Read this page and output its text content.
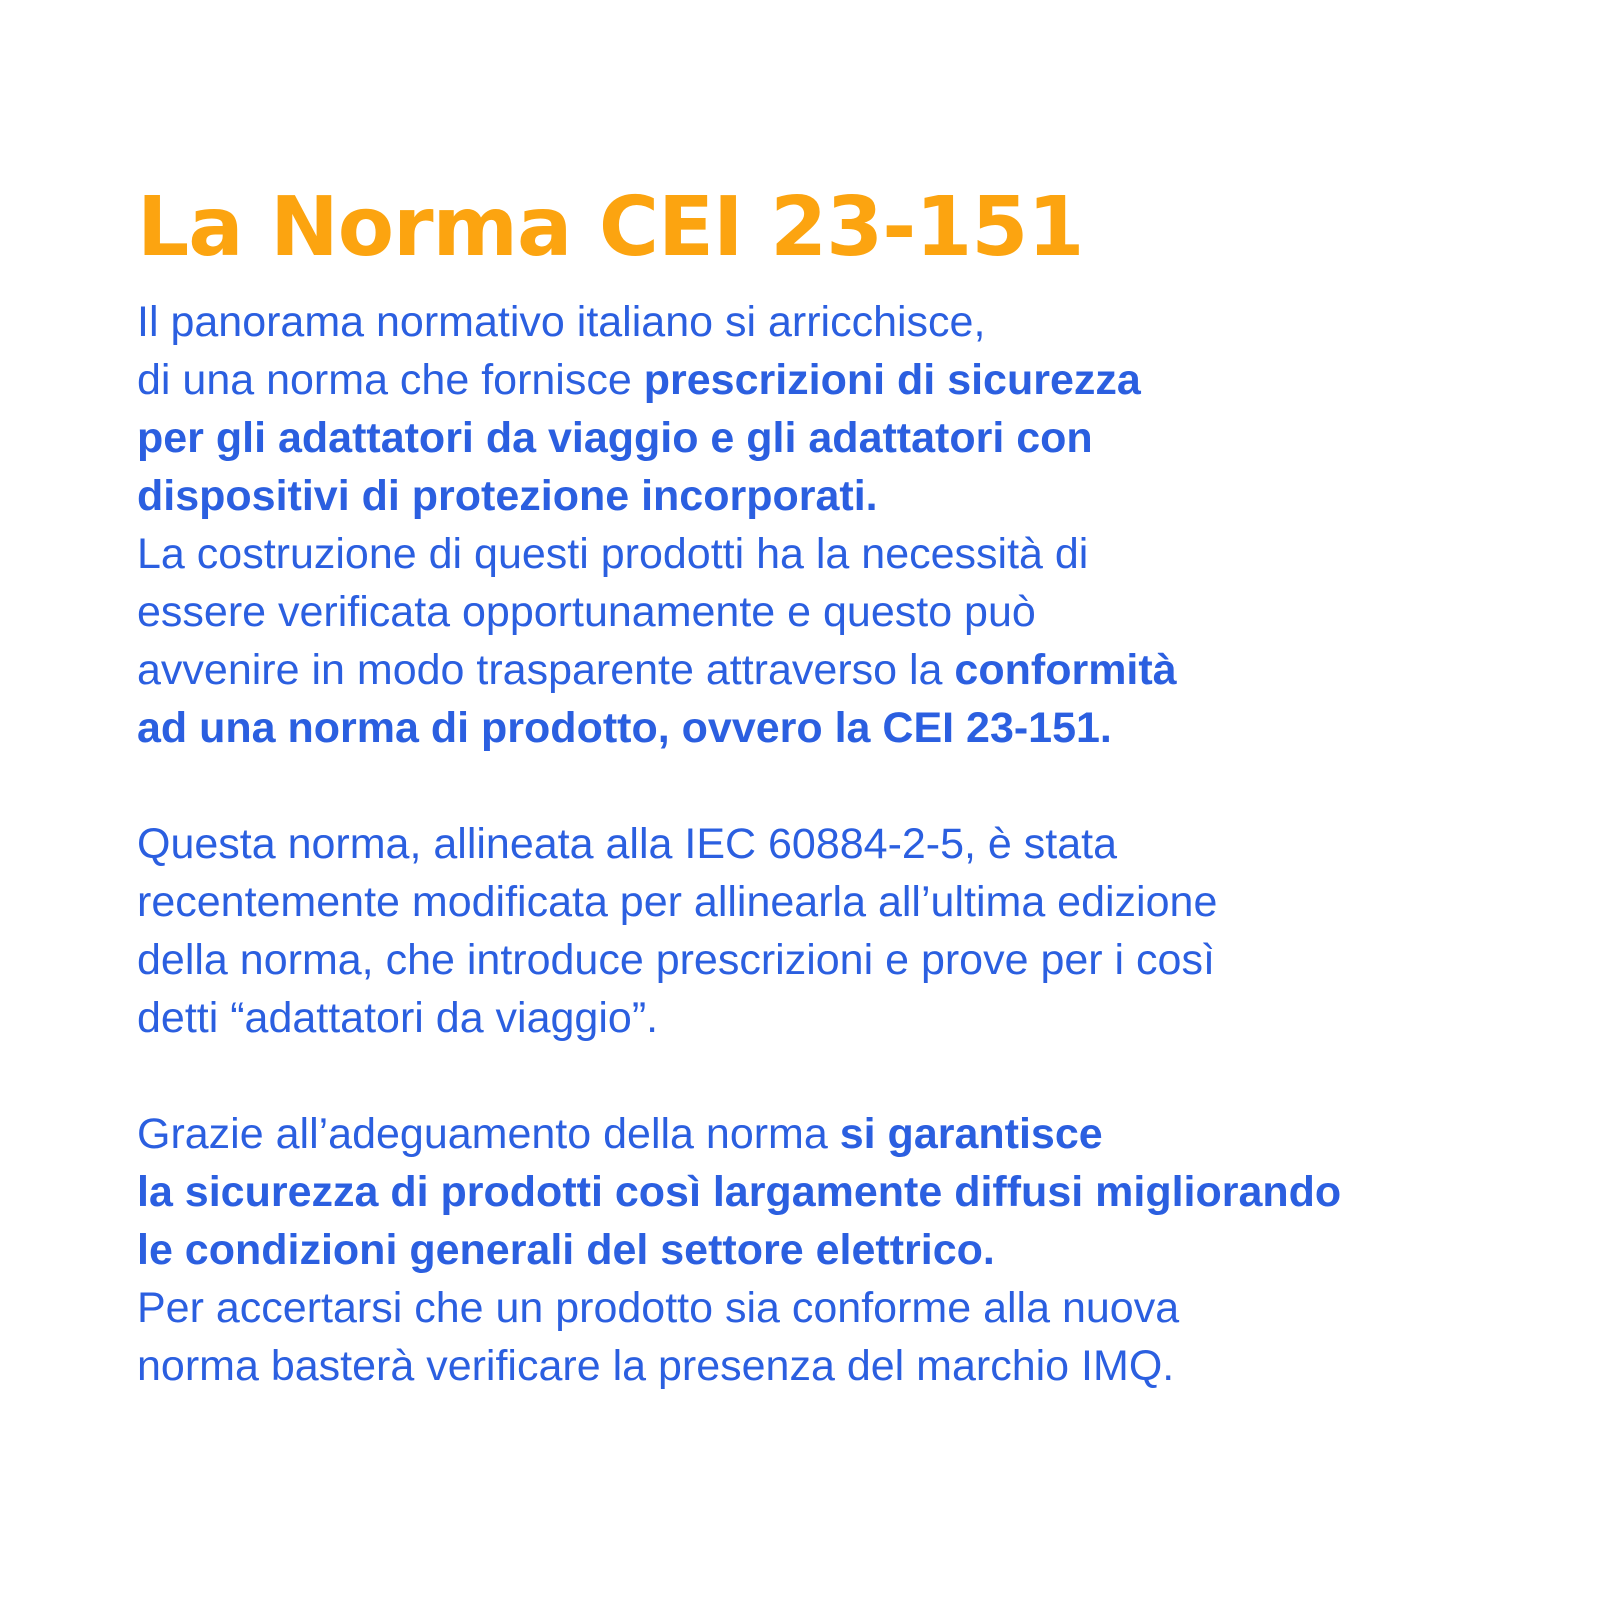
La Norma CEI 23-151

Il panorama normativo italiano si arricchisce,
di una norma che fornisce prescrizioni di sicurezza
per gli adattatori da viaggio e gli adattatori con
dispositivi di protezione incorporati.
La costruzione di questi prodotti ha la necessità di
essere verificata opportunamente e questo può
avvenire in modo trasparente attraverso la conformità
ad una norma di prodotto, ovvero la CEI 23-151.

Questa norma, allineata alla IEC 60884-2-5, è stata
recentemente modificata per allinearla all’ultima edizione
della norma, che introduce prescrizioni e prove per i così
detti “adattatori da viaggio”.

Grazie all’adeguamento della norma si garantisce
la sicurezza di prodotti così largamente diffusi migliorando
le condizioni generali del settore elettrico.
Per accertarsi che un prodotto sia conforme alla nuova
norma basterà verificare la presenza del marchio IMQ.
